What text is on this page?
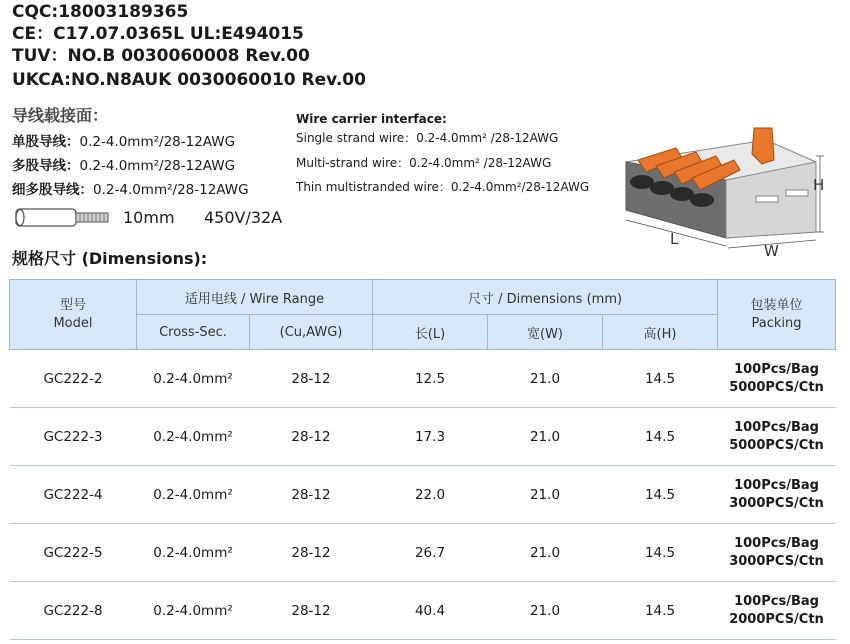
CQC:18003189365
CE：C17.07.0365L UL:E494015
TUV：NO.B 0030060008 Rev.00
UKCA:NO.N8AUK 0030060010 Rev.00
导线载接面：
单股导线：0.2-4.0mm²/28-12AWG
多股导线：0.2-4.0mm²/28-12AWG
细多股导线：0.2-4.0mm²/28-12AWG
Wire carrier interface:
Single strand wire：0.2-4.0mm² /28-12AWG
Multi-strand wire：0.2-4.0mm² /28-12AWG
Thin multistranded wire：0.2-4.0mm²/28-12AWG
10mm 450V/32A
H
L
W
规格尺寸 (Dimensions):
型号
Model	适用电线 / Wire Range		尺寸 / Dimensions (mm)			包装单位
Packing

	Cross-Sec.	(Cu,AWG)	长(L)	宽(W)	高(H)	
GC222-2	0.2-4.0mm²	28-12	12.5	21.0	14.5	100Pcs/Bag
5000PCS/Ctn

GC222-3	0.2-4.0mm²	28-12	17.3	21.0	14.5	100Pcs/Bag
5000PCS/Ctn

GC222-4	0.2-4.0mm²	28-12	22.0	21.0	14.5	100Pcs/Bag
3000PCS/Ctn

GC222-5	0.2-4.0mm²	28-12	26.7	21.0	14.5	100Pcs/Bag
3000PCS/Ctn

GC222-8	0.2-4.0mm²	28-12	40.4	21.0	14.5	100Pcs/Bag
2000PCS/Ctn
